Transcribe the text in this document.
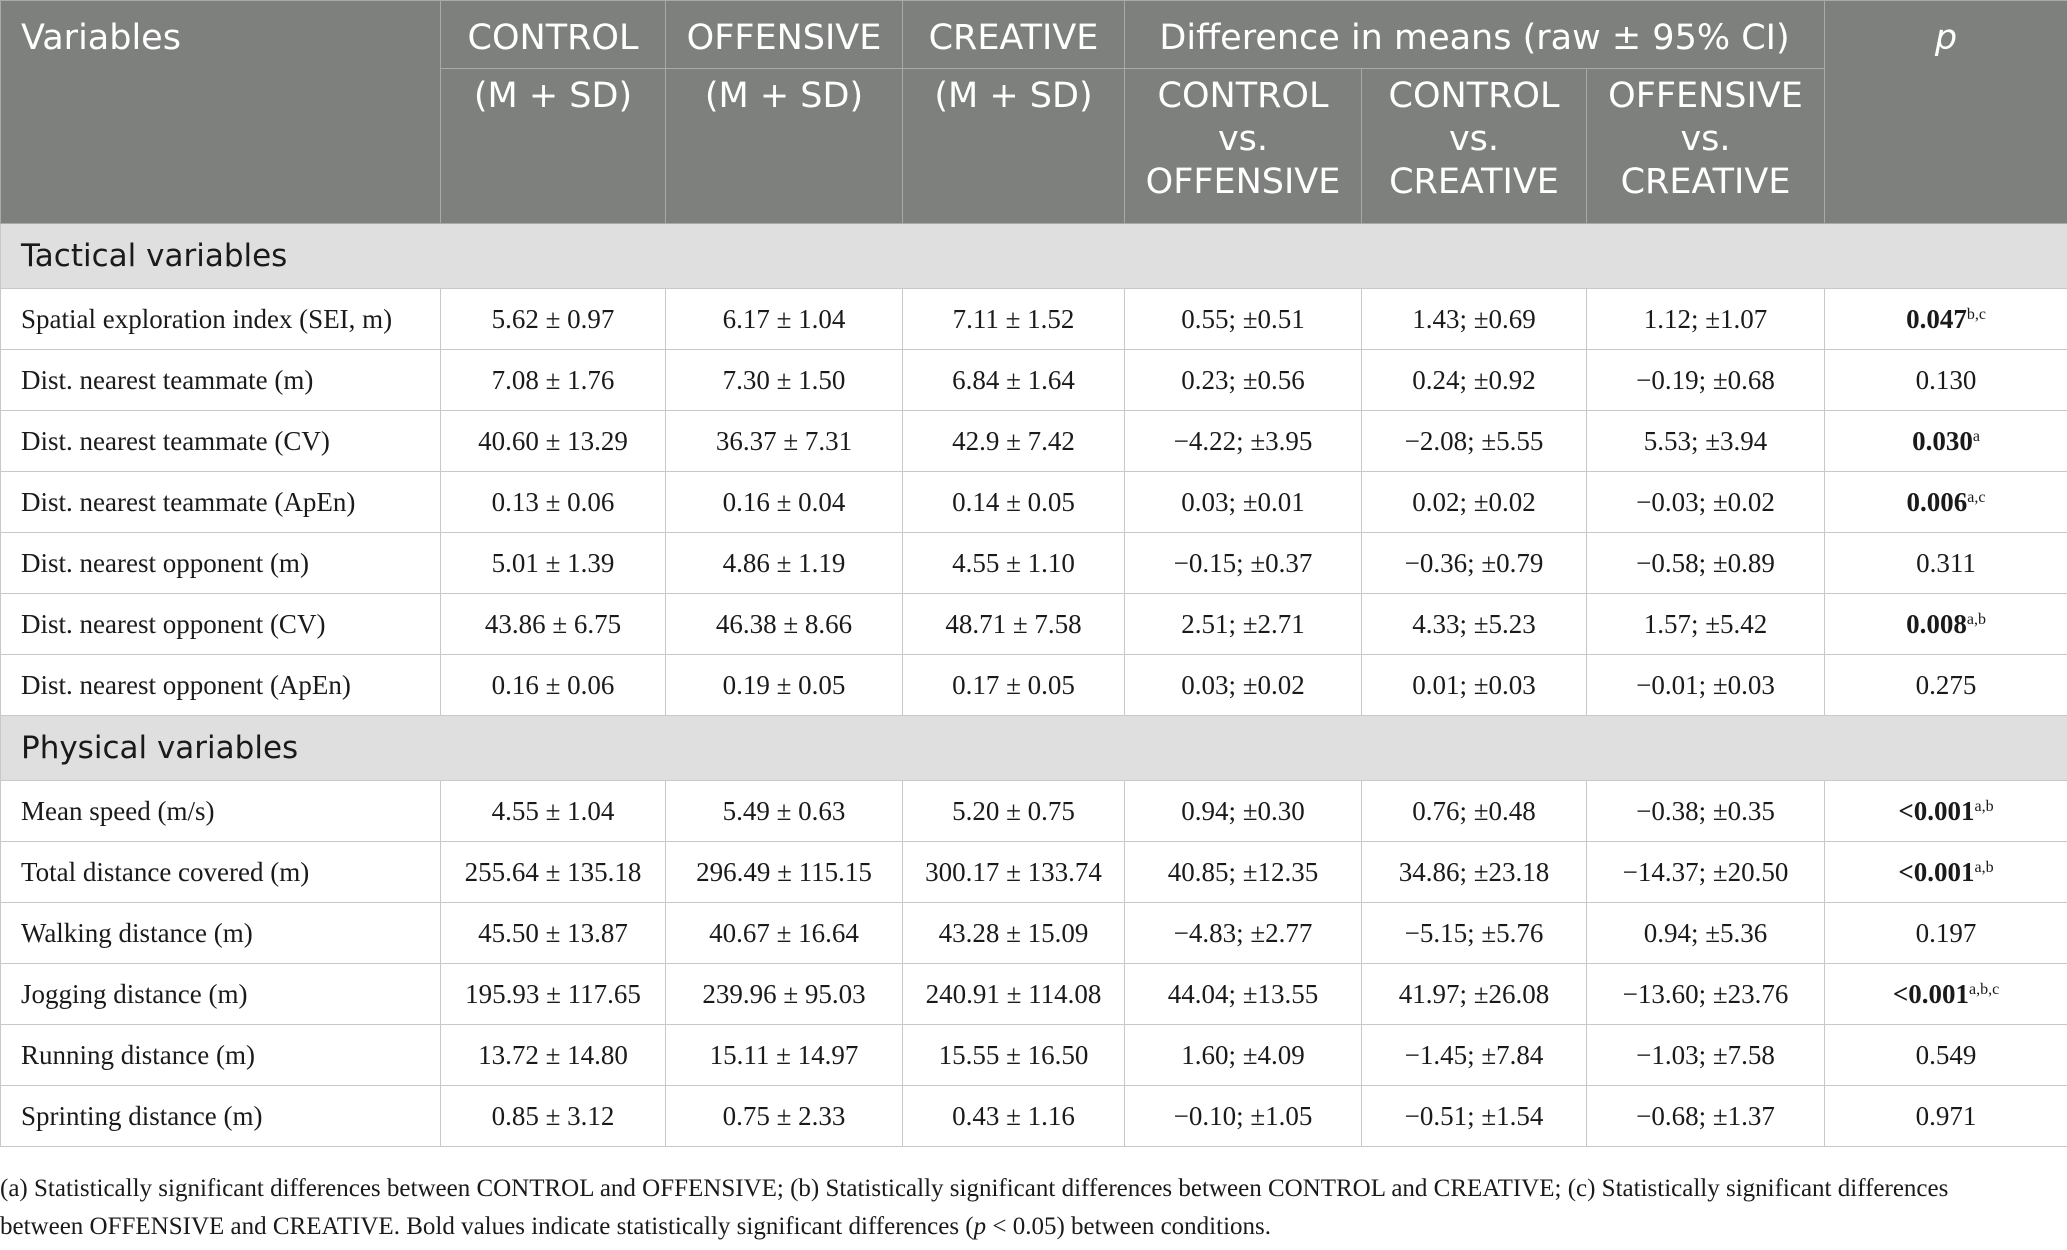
Variables	CONTROL	OFFENSIVE	CREATIVE	Difference in means (raw ± 95% CI)			p
	(M + SD)	(M + SD)	(M + SD)	CONTROL
vs.
OFFENSIVE	CONTROL
vs.
CREATIVE	OFFENSIVE
vs.
CREATIVE	
Tactical variables							
Spatial exploration index (SEI, m)	5.62 ± 0.97	6.17 ± 1.04	7.11 ± 1.52	0.55; ±0.51	1.43; ±0.69	1.12; ±1.07	0.047$^{b,c}$
Dist. nearest teammate (m)	7.08 ± 1.76	7.30 ± 1.50	6.84 ± 1.64	0.23; ±0.56	0.24; ±0.92	−0.19; ±0.68	0.130
Dist. nearest teammate (CV)	40.60 ± 13.29	36.37 ± 7.31	42.9 ± 7.42	−4.22; ±3.95	−2.08; ±5.55	5.53; ±3.94	0.030$^a$
Dist. nearest teammate (ApEn)	0.13 ± 0.06	0.16 ± 0.04	0.14 ± 0.05	0.03; ±0.01	0.02; ±0.02	−0.03; ±0.02	0.006$^{a,c}$
Dist. nearest opponent (m)	5.01 ± 1.39	4.86 ± 1.19	4.55 ± 1.10	−0.15; ±0.37	−0.36; ±0.79	−0.58; ±0.89	0.311
Dist. nearest opponent (CV)	43.86 ± 6.75	46.38 ± 8.66	48.71 ± 7.58	2.51; ±2.71	4.33; ±5.23	1.57; ±5.42	0.008$^{a,b}$
Dist. nearest opponent (ApEn)	0.16 ± 0.06	0.19 ± 0.05	0.17 ± 0.05	0.03; ±0.02	0.01; ±0.03	−0.01; ±0.03	0.275
Physical variables							
Mean speed (m/s)	4.55 ± 1.04	5.49 ± 0.63	5.20 ± 0.75	0.94; ±0.30	0.76; ±0.48	−0.38; ±0.35	$<0.001^{a,b}$
Total distance covered (m)	255.64 ± 135.18	296.49 ± 115.15	300.17 ± 133.74	40.85; ±12.35	34.86; ±23.18	−14.37; ±20.50	$<0.001^{a,b}$
Walking distance (m)	45.50 ± 13.87	40.67 ± 16.64	43.28 ± 15.09	−4.83; ±2.77	−5.15; ±5.76	0.94; ±5.36	0.197
Jogging distance (m)	195.93 ± 117.65	239.96 ± 95.03	240.91 ± 114.08	44.04; ±13.55	41.97; ±26.08	−13.60; ±23.76	$<0.001^{a,b,c}$
Running distance (m)	13.72 ± 14.80	15.11 ± 14.97	15.55 ± 16.50	1.60; ±4.09	−1.45; ±7.84	−1.03; ±7.58	0.549
Sprinting distance (m)	0.85 ± 3.12	0.75 ± 2.33	0.43 ± 1.16	−0.10; ±1.05	−0.51; ±1.54	−0.68; ±1.37	0.971

(a) Statistically significant differences between CONTROL and OFFENSIVE; (b) Statistically significant differences between CONTROL and CREATIVE; (c) Statistically significant differences

between OFFENSIVE and CREATIVE. Bold values indicate statistically significant differences (p < 0.05) between conditions.
